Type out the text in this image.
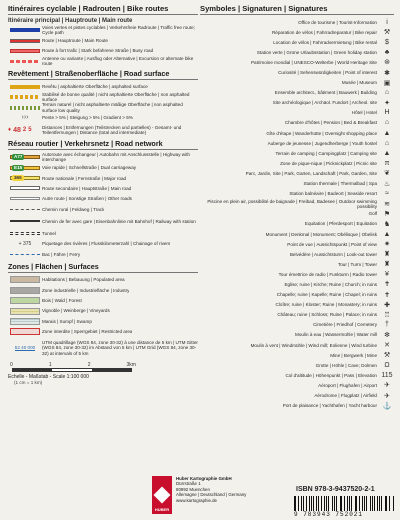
Itinéraires cyclable | Radrouten | Bike routes
Itinéraire principal | Hauptroute | Main route
Voies vertes et pistes cyclables | Verkehrsfreie Radroute | Traffic free route; Cycle path
Route | Hauptroute | Main Route
Route à fort trafic | Stark befahrene Straße | Busy road
Antenne ou variante | Ausflug oder Alternative | Excursion or alternate bike route
Revêtement | Straßenoberfläche | Road surface
Revêtu | asphaltierte Oberfläche | asphalted surface
Stabilisé de bonne qualité | nicht asphaltierte Oberfläche | non asphalted surface
Terrain naturel | nicht asphaltierte mäßige Oberfläche | non asphalted surface low quality
›››	Pente > 5% | Steigung > 5% | Gradient > 5%
♦ 48 2 5 Distances | Entfernungen (Teilstrecken und partielles) - Gesamt- und Teilentfernungen | Distance (total and intermediate)
Réseau routier | Verkehrsnetz | Road network
A77	Autoroute avec échangeur | Autobahn mit Anschlussstelle | Highway with interchange
E15	Voie rapide | Schnellstraße | Dual carriageway
365	Route nationale | Fernstraße | Major road
Route secondaire | Hauptstraße | Main road
Autre route | Sonstige Straßen | Other roads
Chemin rural | Feldweg | Track
Chemin de fer avec gare | Eisenbahnlinie mit Bahnhof | Railway with station
Tunnel
+ 375 Piquetage des rivières | Flusskilometerzahl | Chainage of rivers
Bac | Fähre | Ferry
Zones | Flächen | Surfaces
Habitations | Bebauung | Populated area
Zone industrielle | Industriefläche | Industry
Bois | Wald | Forest
Vignoble | Weinberge | Vineyards
Marais | Sumpf | Swamp
Zone interdite | Sperrgebiet | Restricted area
52 40 000
UTM quadrillage (WGS 84, zone 30-32) à une distance de 5 km | UTM Gitter (WGS 84, zone 30-32) im Abstand von 5 km | UTM Grid (WGS 84, zone 30-32) at intervals of 5 km
0	1	2	3km
Echelle - Maßstab - Scale 1:100 000
(1 cm = 1 km)
Symboles | Signaturen | Signatures
Office de tourisme | Tourist-Information	i
Réparation de vélos | Fahrradreparatur | Bike repair ⚒
Location de vélos | Fahrradvermietung | Bike rental	$
Station verte | Grüne Urlaubsstation | Green holiday station	♣
Patrimoine mondial | UNESCO-Welterbe | World Heritage Site	⊛
Curiosité | Sehenswürdigkeiten | Point of interest	✱
Musée | Museum ▣
Ensemble architect., bâtiment | Bauwerk | Building	⌂
Site archéologique | Archäol. Fundort | Archeol. site	✦
Hôtel | Hotel	H
Chambre d'hôtes | Pension | Bed & Breakfast	⌂
Gîte d'étape | Wanderhütte | Overnight shopping place ▲
Auberge de jeunesse | Jugendherberge | Youth hostel	⌂
Terrain de camping | Campingplatz | Camping site ▲
Zone de pique-nique | Picknickplatz | Picnic site	π
Parc, Jardin, Site | Park, Garten, Landschaft | Park, Garden, Site	❦
Station thermale | Thermalbad | Spa ♨
Station balnéaire | Badeort | Seaside resort	≈
Piscine en plein air, possibilité de baignade | Freibad, Badesee | Outdoor swimming possibility	≋
Golf ⚑
Equitation | Pferdesport | Equitation ♞
Monument | Denkmal | Monument; Obélisque | Obelisk ▲
Point de vue | Aussichtspunkt | Point of view	✷
Belvédère | Aussichtsturm | Look-out tower ♜
Tour | Turm | Tower ♜
Tour émettrice de radio | Funkturm | Radio tower	¥
Eglise; ruine | Kirche; Ruine | Church; in ruins	✝
Chapelle; ruine | Kapelle; Ruine | Chapel; in ruins	✝
Cloître; ruine | Kloster; Ruine | Monastery; in ruins	✚
Château; ruine | Schloss; Ruine | Palace; in ruins ♖
Cimetière | Friedhof | Cemetery	†
Moulin à eau | Wassermühle | Water mill	✻
Moulin à vent | Windmühle | Wind mill; Eolienne | Wind turbine	✕
Mine | Bergwerk | Mine ⚒
Grotte | Höhle | Cave; Dolmen	Ω
Col d'altitude | Höhenpunkt | Pass | Elevation 115
Aéroport | Flughafen | Airport	✈
Aérodrome | Flugplatz | Airfield	✈
Port de plaisance | Yachthafen | Yacht harbour ⚓
HUBER
Huber Kartographie GmbH
Dürrstraße 1
80992 Muenchen
Allemagne | Deutschland | Germany
www.kartographie.de
ISBN 978-3-9437520-2-1
9 783943 752021
